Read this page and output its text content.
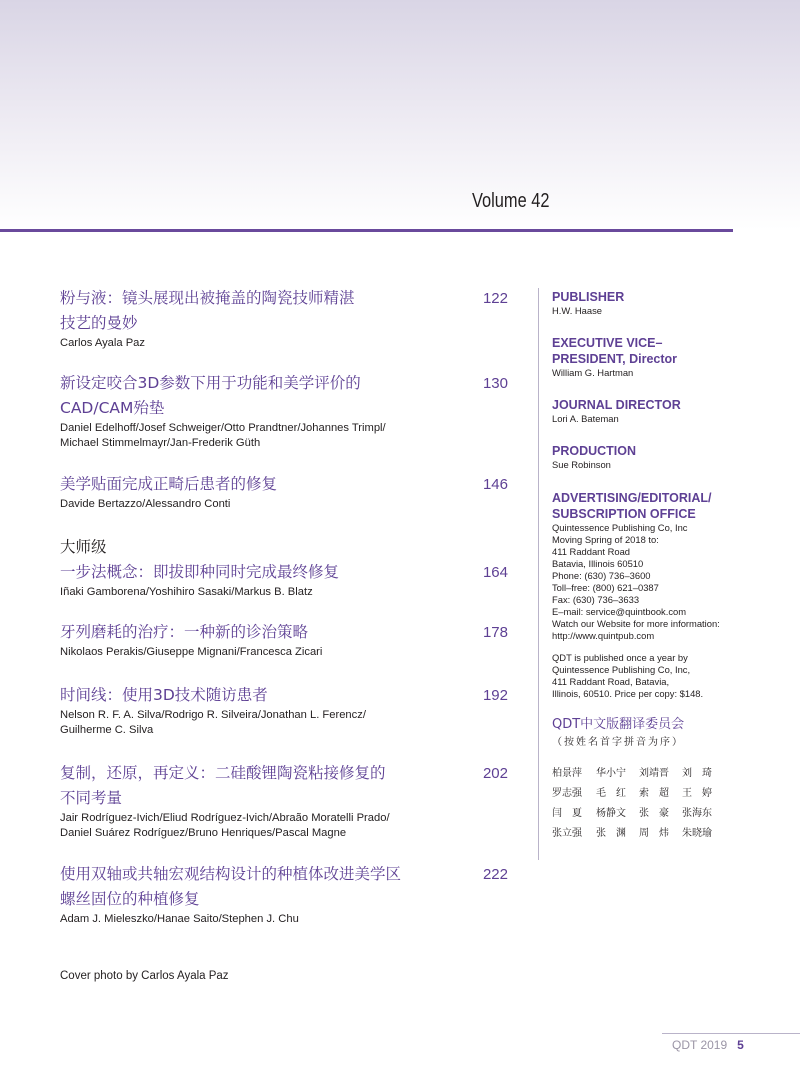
Volume 42
粉与液：镜头展现出被掩盖的陶瓷技师精湛
技艺的曼妙
122
Carlos Ayala Paz
新设定咬合3D参数下用于功能和美学评价的
CAD/CAM殆垫
130
Daniel Edelhoff/Josef Schweiger/Otto Prandtner/Johannes Trimpl/
Michael Stimmelmayr/Jan-Frederik Güth
美学贴面完成正畸后患者的修复	146
Davide Bertazzo/Alessandro Conti
大师级
一步法概念：即拔即种同时完成最终修复	164
Iñaki Gamborena/Yoshihiro Sasaki/Markus B. Blatz
牙列磨耗的治疗：一种新的诊治策略	178
Nikolaos Perakis/Giuseppe Mignani/Francesca Zicari
时间线：使用3D技术随访患者	192
Nelson R. F. A. Silva/Rodrigo R. Silveira/Jonathan L. Ferencz/
Guilherme C. Silva
复制，还原，再定义：二硅酸锂陶瓷粘接修复的
不同考量
202
Jair Rodríguez-Ivich/Eliud Rodríguez-Ivich/Abraão Moratelli Prado/
Daniel Suárez Rodríguez/Bruno Henriques/Pascal Magne
使用双轴或共轴宏观结构设计的种植体改进美学区
螺丝固位的种植修复
222
Adam J. Mieleszko/Hanae Saito/Stephen J. Chu
PUBLISHER
H.W. Haase
EXECUTIVE VICE–
PRESIDENT, Director
William G. Hartman
JOURNAL DIRECTOR
Lori A. Bateman
PRODUCTION
Sue Robinson
ADVERTISING/EDITORIAL/
SUBSCRIPTION OFFICE
Quintessence Publishing Co, Inc
Moving Spring of 2018 to:
411 Raddant Road
Batavia, Illinois 60510
Phone: (630) 736–3600
Toll–free: (800) 621–0387
Fax: (630) 736–3633
E–mail: service@quintbook.com
Watch our Website for more information:
http://www.quintpub.com
QDT is published once a year by
Quintessence Publishing Co, Inc,
411 Raddant Road, Batavia,
Illinois, 60510. Price per copy: $148.
QDT中文版翻译委员会
（按姓名首字拼音为序）
柏景萍	华小宁	刘靖晋	刘　琦
罗志强	毛　红	索　超	王　婷
闫　夏	杨静文	张　豪	张海东
张立强	张　渊	周　炜	朱晓瑜
Cover photo by Carlos Ayala Paz
QDT 2019 5
